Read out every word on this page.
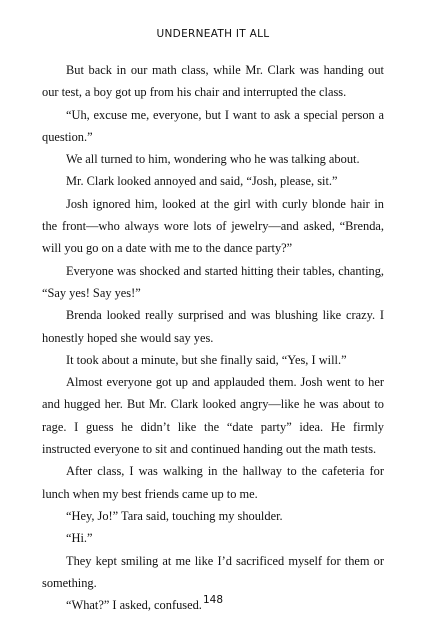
UNDERNEATH IT ALL

But back in our math class, while Mr. Clark was handing out our test, a boy got up from his chair and interrupted the class.

“Uh, excuse me, everyone, but I want to ask a special person a question.”

We all turned to him, wondering who he was talking about.

Mr. Clark looked annoyed and said, “Josh, please, sit.”

Josh ignored him, looked at the girl with curly blonde hair in the front—who always wore lots of jewelry—and asked, “Brenda, will you go on a date with me to the dance party?”

Everyone was shocked and started hitting their tables, chanting, “Say yes! Say yes!”

Brenda looked really surprised and was blushing like crazy. I honestly hoped she would say yes.

It took about a minute, but she finally said, “Yes, I will.”

Almost everyone got up and applauded them. Josh went to her and hugged her. But Mr. Clark looked angry—like he was about to rage. I guess he didn’t like the “date party” idea. He firmly instructed everyone to sit and continued handing out the math tests.

After class, I was walking in the hallway to the cafeteria for lunch when my best friends came up to me.

“Hey, Jo!” Tara said, touching my shoulder.

“Hi.”

They kept smiling at me like I’d sacrificed myself for them or something.

“What?” I asked, confused. 148
